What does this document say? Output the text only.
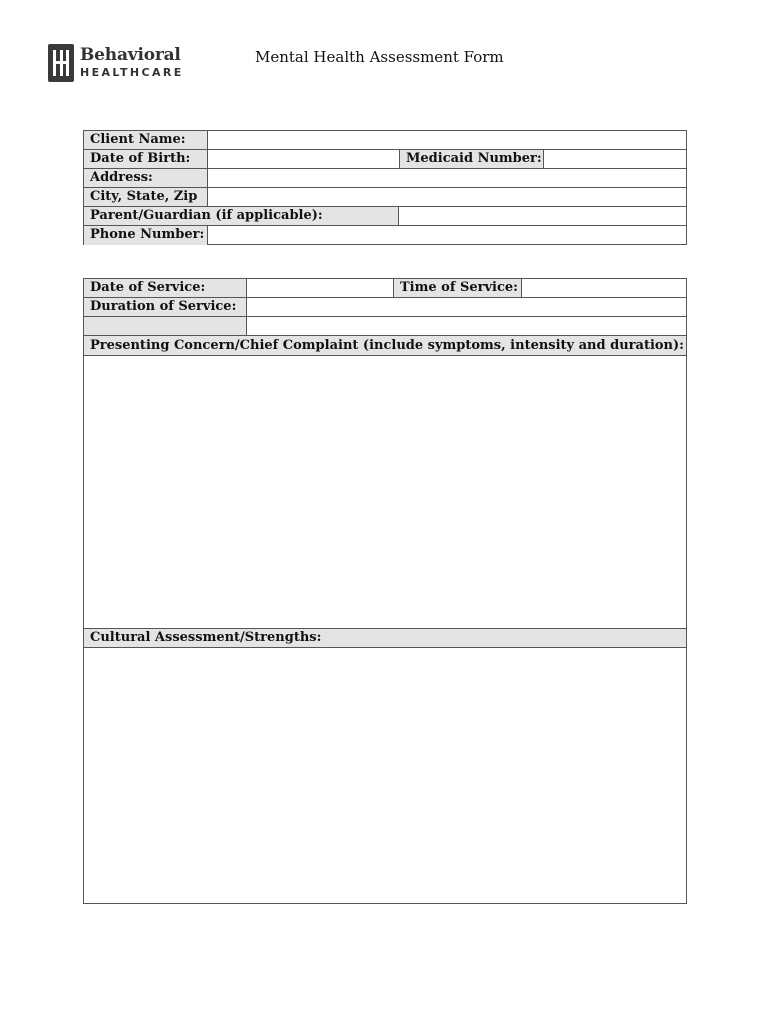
Behavioral
HEALTHCARE
Mental Health Assessment Form
Client Name:
Date of Birth:	Medicaid Number:
Address:
City, State, Zip
Parent/Guardian (if applicable):
Phone Number:
Date of Service:	Time of Service:
Duration of Service:
Presenting Concern/Chief Complaint (include symptoms, intensity and duration):
Cultural Assessment/Strengths:
